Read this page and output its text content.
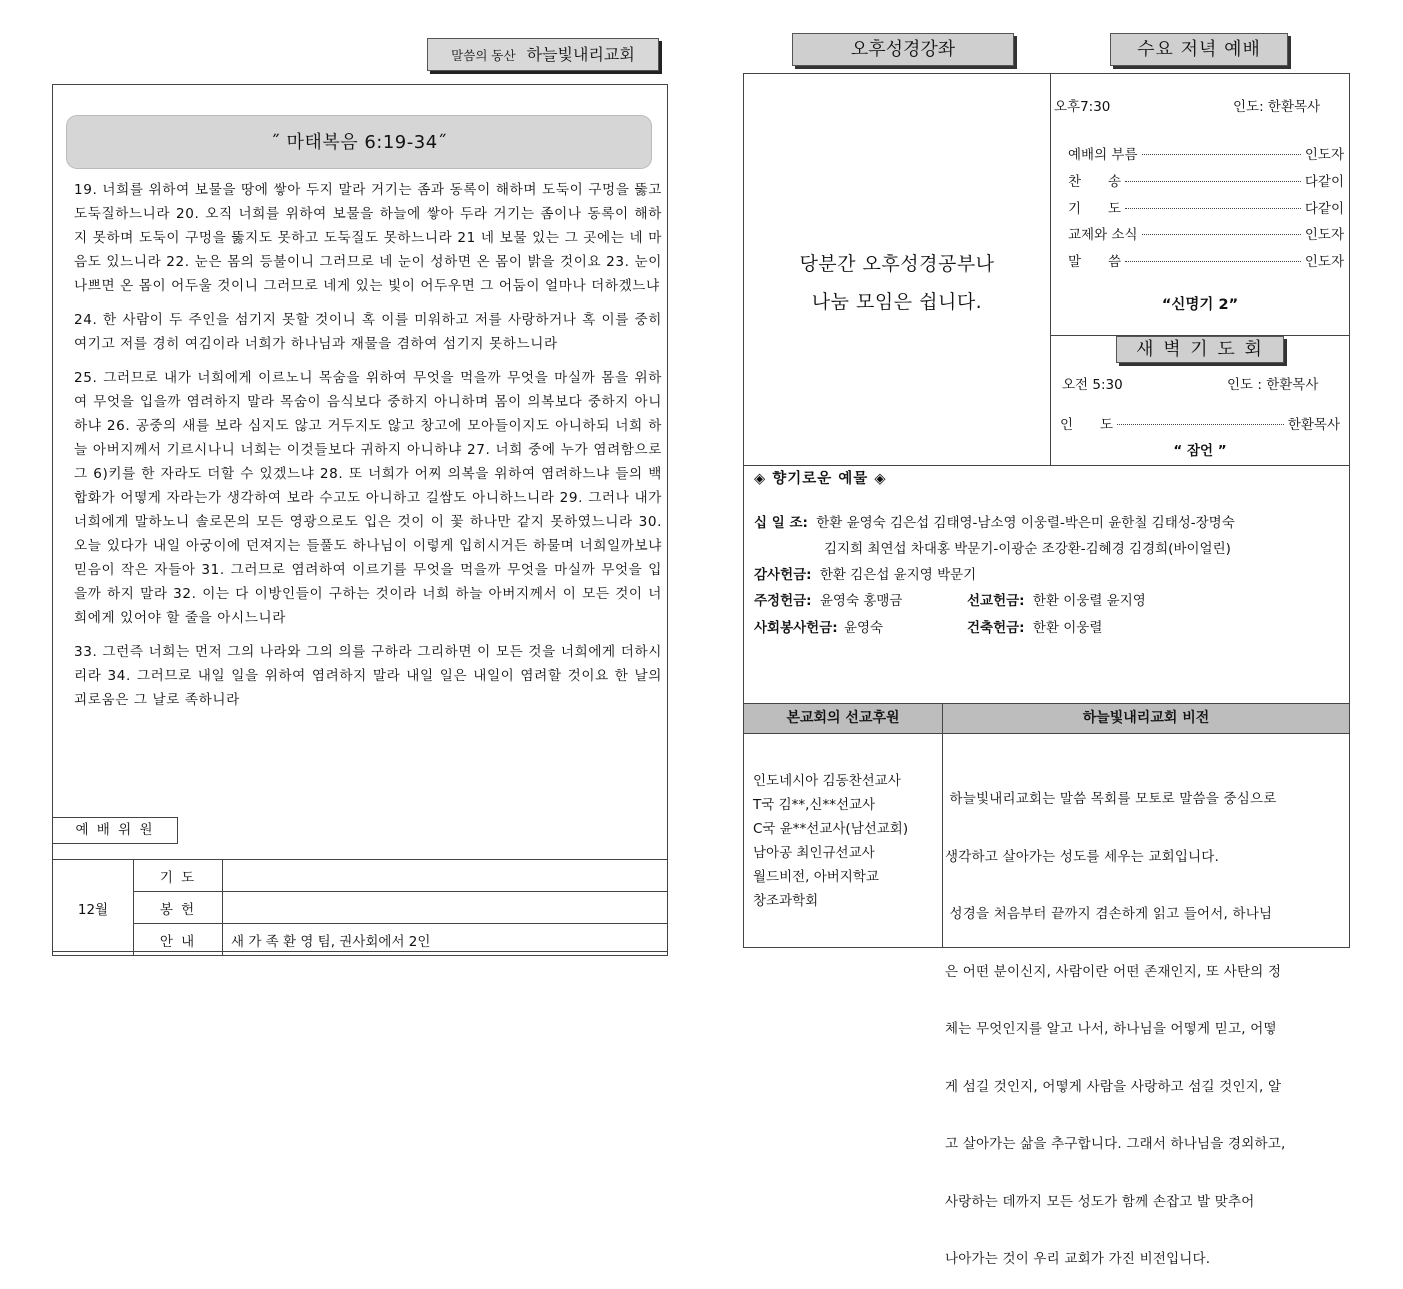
말씀의 동산 하늘빛내리교회
˝ 마태복음 6:19-34˝

19. 너희를 위하여 보물을 땅에 쌓아 두지 말라 거기는 좀과 동록이 해하며 도둑이 구멍을 뚫고 도둑질하느니라 20. 오직 너희를 위하여 보물을 하늘에 쌓아 두라 거기는 좀이나 동록이 해하지 못하며 도둑이 구멍을 뚫지도 못하고 도둑질도 못하느니라 21 네 보물 있는 그 곳에는 네 마음도 있느니라 22. 눈은 몸의 등불이니 그러므로 네 눈이 성하면 온 몸이 밝을 것이요 23. 눈이 나쁘면 온 몸이 어두울 것이니 그러므로 네게 있는 빛이 어두우면 그 어둠이 얼마나 더하겠느냐

24. 한 사람이 두 주인을 섬기지 못할 것이니 혹 이를 미워하고 저를 사랑하거나 혹 이를 중히 여기고 저를 경히 여김이라 너희가 하나님과 재물을 겸하여 섬기지 못하느니라

25. 그러므로 내가 너희에게 이르노니 목숨을 위하여 무엇을 먹을까 무엇을 마실까 몸을 위하여 무엇을 입을까 염려하지 말라 목숨이 음식보다 중하지 아니하며 몸이 의복보다 중하지 아니하냐 26. 공중의 새를 보라 심지도 않고 거두지도 않고 창고에 모아들이지도 아니하되 너희 하늘 아버지께서 기르시나니 너희는 이것들보다 귀하지 아니하냐 27. 너희 중에 누가 염려함으로 그 6)키를 한 자라도 더할 수 있겠느냐 28. 또 너희가 어찌 의복을 위하여 염려하느냐 들의 백합화가 어떻게 자라는가 생각하여 보라 수고도 아니하고 길쌈도 아니하느니라 29. 그러나 내가 너희에게 말하노니 솔로몬의 모든 영광으로도 입은 것이 이 꽃 하나만 같지 못하였느니라 30. 오늘 있다가 내일 아궁이에 던져지는 들풀도 하나님이 이렇게 입히시거든 하물며 너희일까보냐 믿음이 작은 자들아 31. 그러므로 염려하여 이르기를 무엇을 먹을까 무엇을 마실까 무엇을 입을까 하지 말라 32. 이는 다 이방인들이 구하는 것이라 너희 하늘 아버지께서 이 모든 것이 너희에게 있어야 할 줄을 아시느니라

33. 그런즉 너희는 먼저 그의 나라와 그의 의를 구하라 그리하면 이 모든 것을 너희에게 더하시리라 34. 그러므로 내일 일을 위하여 염려하지 말라 내일 일은 내일이 염려할 것이요 한 날의 괴로움은 그 날로 족하니라

예 배 위 원
12월	기 도	
	봉 헌	
	안 내	새 가 족 환 영 팀, 권사회에서 2인
오후성경강좌	수요 저녁 예배
당분간 오후성경공부나
나눔 모임은 쉽니다.
오후7:30	인도: 한환목사
예배의 부름	인도자
찬　　송	다같이
기　　도	다같이
교제와 소식	인도자
말　　씀	인도자
“신명기 2”
새 벽 기 도 회
오전 5:30	인도 : 한환목사
인　　도	한환목사
“ 잠언 ”
◈ 향기로운 예물 ◈
십 일 조: 한환 윤영숙 김은섭 김태영-남소영 이웅렬-박은미 윤한칠 김태성-장명숙
김지희 최연섭 차대홍 박문기-이광순 조강환-김혜경 김경희(바이얼린)
감사헌금: 한환 김은섭 윤지영 박문기
주정헌금: 윤영숙 홍맹금	선교헌금: 한환 이웅렬 윤지영
사회봉사헌금: 윤영숙	건축헌금: 한환 이웅렬
본교회의 선교후원	하늘빛내리교회 비전
인도네시아 김동찬선교사
T국 김**,신**선교사
C국 윤**선교사(남선교회)
남아공 최인규선교사
월드비전, 아버지학교
창조과학회

하늘빛내리교회는 말씀 목회를 모토로 말씀을 중심으로

생각하고 살아가는 성도를 세우는 교회입니다.

성경을 처음부터 끝까지 겸손하게 읽고 들어서, 하나님

은 어떤 분이신지, 사람이란 어떤 존재인지, 또 사탄의 정

체는 무엇인지를 알고 나서, 하나님을 어떻게 믿고, 어떻

게 섬길 것인지, 어떻게 사람을 사랑하고 섬길 것인지, 알

고 살아가는 삶을 추구합니다. 그래서 하나님을 경외하고,

사랑하는 데까지 모든 성도가 함께 손잡고 발 맞추어

나아가는 것이 우리 교회가 가진 비전입니다.
